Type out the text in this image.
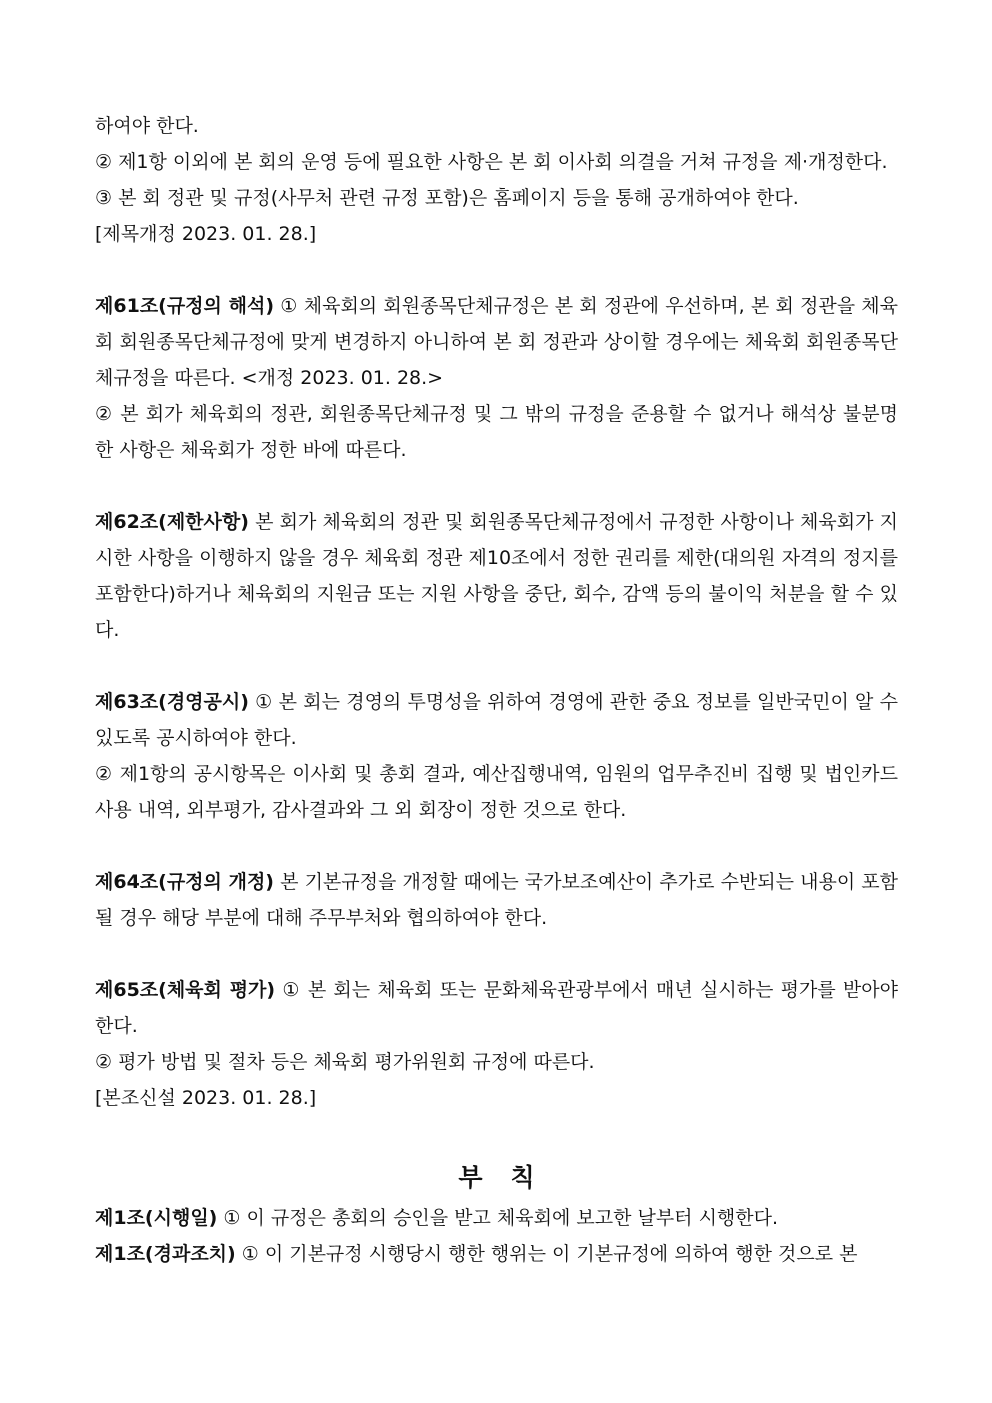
하여야 한다.

② 제1항 이외에 본 회의 운영 등에 필요한 사항은 본 회 이사회 의결을 거쳐 규정을 제·개정한다.

③ 본 회 정관 및 규정(사무처 관련 규정 포함)은 홈페이지 등을 통해 공개하여야 한다.

[제목개정 2023. 01. 28.]

제61조(규정의 해석) ① 체육회의 회원종목단체규정은 본 회 정관에 우선하며, 본 회 정관을 체육회 회원종목단체규정에 맞게 변경하지 아니하여 본 회 정관과 상이할 경우에는 체육회 회원종목단체규정을 따른다. <개정 2023. 01. 28.>

② 본 회가 체육회의 정관, 회원종목단체규정 및 그 밖의 규정을 준용할 수 없거나 해석상 불분명한 사항은 체육회가 정한 바에 따른다.

제62조(제한사항) 본 회가 체육회의 정관 및 회원종목단체규정에서 규정한 사항이나 체육회가 지시한 사항을 이행하지 않을 경우 체육회 정관 제10조에서 정한 권리를 제한(대의원 자격의 정지를 포함한다)하거나 체육회의 지원금 또는 지원 사항을 중단, 회수, 감액 등의 불이익 처분을 할 수 있다.

제63조(경영공시) ① 본 회는 경영의 투명성을 위하여 경영에 관한 중요 정보를 일반국민이 알 수 있도록 공시하여야 한다.

② 제1항의 공시항목은 이사회 및 총회 결과, 예산집행내역, 임원의 업무추진비 집행 및 법인카드 사용 내역, 외부평가, 감사결과와 그 외 회장이 정한 것으로 한다.

제64조(규정의 개정) 본 기본규정을 개정할 때에는 국가보조예산이 추가로 수반되는 내용이 포함될 경우 해당 부분에 대해 주무부처와 협의하여야 한다.

제65조(체육회 평가) ① 본 회는 체육회 또는 문화체육관광부에서 매년 실시하는 평가를 받아야 한다.

② 평가 방법 및 절차 등은 체육회 평가위원회 규정에 따른다.

[본조신설 2023. 01. 28.]

부칙

제1조(시행일) ① 이 규정은 총회의 승인을 받고 체육회에 보고한 날부터 시행한다.

제1조(경과조치) ① 이 기본규정 시행당시 행한 행위는 이 기본규정에 의하여 행한 것으로 본
